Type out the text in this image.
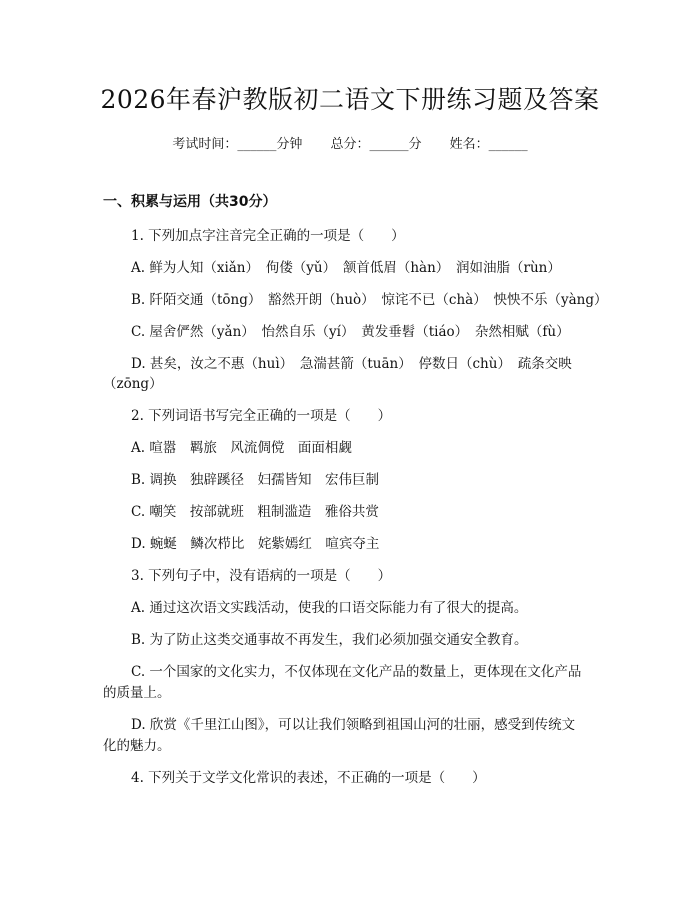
2026年春沪教版初二语文下册练习题及答案
考试时间：______分钟 总分：______分 姓名：______
一、积累与运用（共30分）
1. 下列加点字注音完全正确的一项是（　　）
A. 鲜为人知（xiǎn）　佝偻（yǔ）　颔首低眉（hàn）　润如油脂（rùn）
B. 阡陌交通（tōng）　豁然开朗（huò）　惊诧不已（chà）　怏怏不乐（yàng）
C. 屋舍俨然（yǎn）　怡然自乐（yí）　黄发垂髫（tiáo）　杂然相赋（fù）
D. 甚矣，汝之不惠（huì）　急湍甚箭（tuān）　停数日（chù）　疏条交映
（zōng）
2. 下列词语书写完全正确的一项是（　　）
A. 喧嚣　羁旅　风流倜傥　面面相觑
B. 调换　独辟蹊径　妇孺皆知　宏伟巨制
C. 嘲笑　按部就班　粗制滥造　雅俗共赏
D. 蜿蜒　鳞次栉比　姹紫嫣红　喧宾夺主
3. 下列句子中，没有语病的一项是（　　）
A. 通过这次语文实践活动，使我的口语交际能力有了很大的提高。
B. 为了防止这类交通事故不再发生，我们必须加强交通安全教育。
C. 一个国家的文化实力，不仅体现在文化产品的数量上，更体现在文化产品
的质量上。
D. 欣赏《千里江山图》，可以让我们领略到祖国山河的壮丽，感受到传统文
化的魅力。
4. 下列关于文学文化常识的表述，不正确的一项是（　　）
